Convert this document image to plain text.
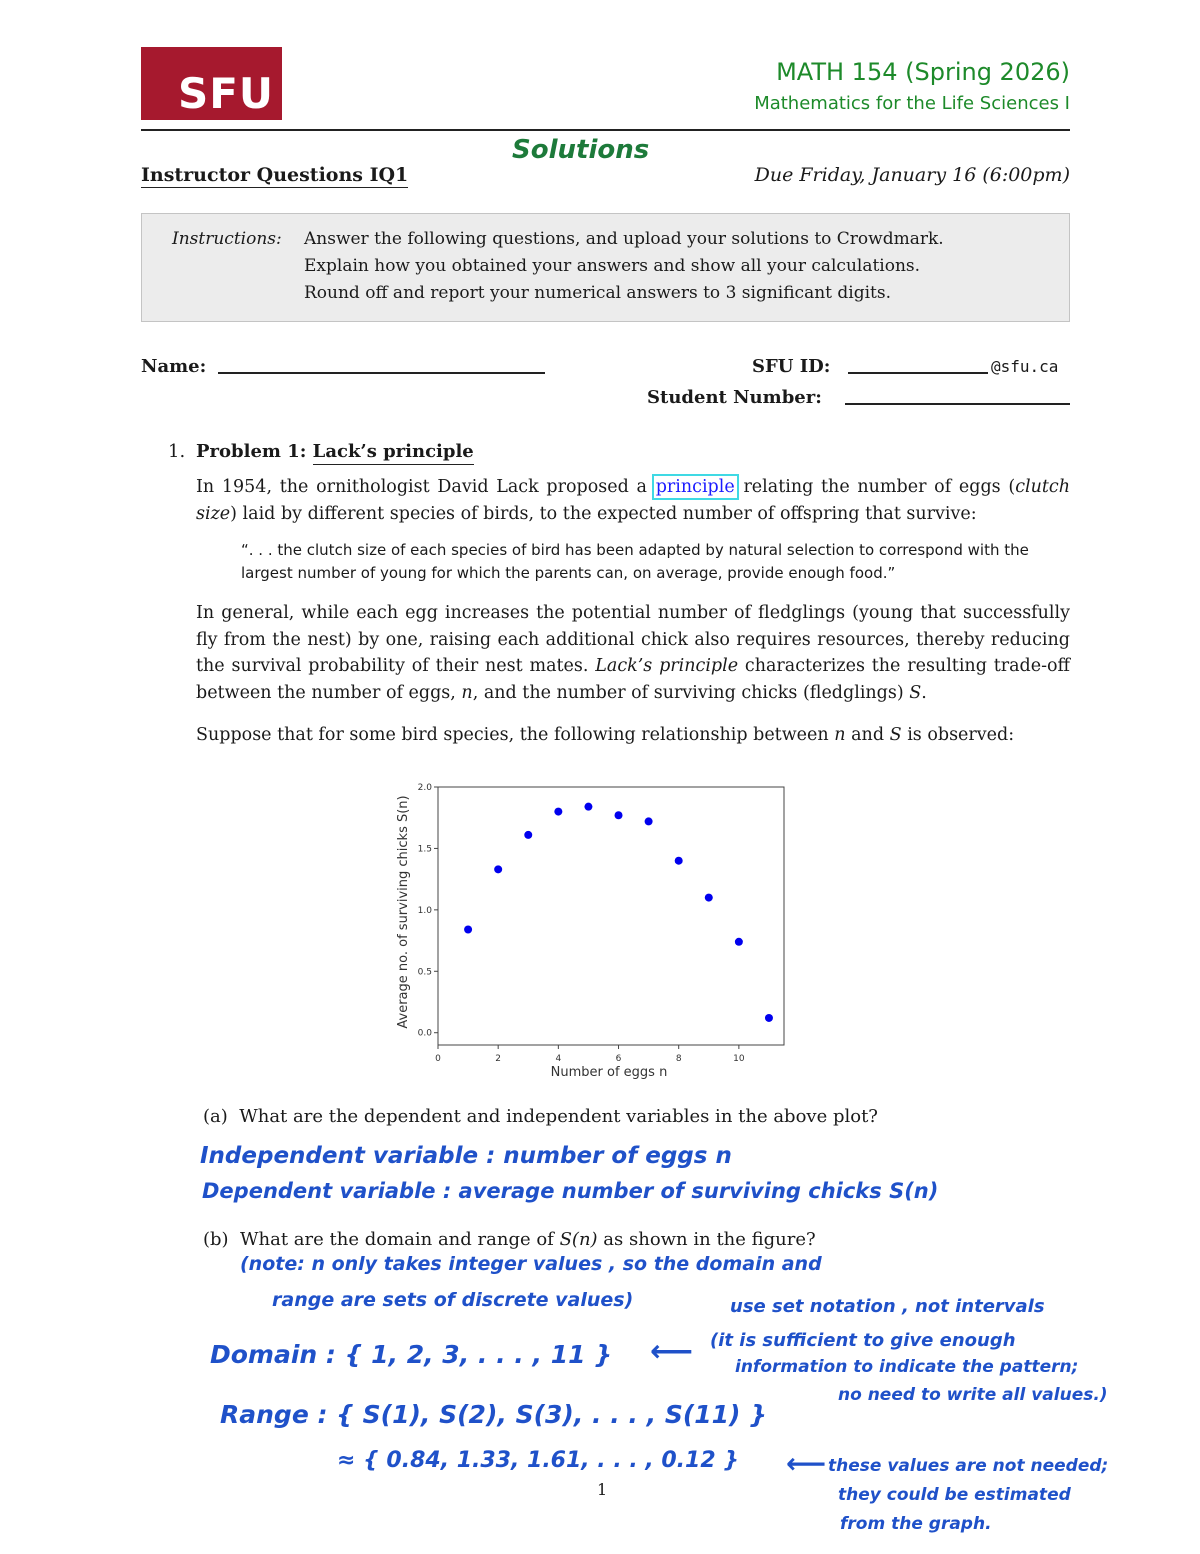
SFU	MATH 154 (Spring 2026)
Mathematics for the Life Sciences I
Solutions
Instructor Questions IQ1	Due Friday, January 16 (6:00pm)
Instructions: Answer the following questions, and upload your solutions to Crowdmark.
Explain how you obtained your answers and show all your calculations.
Round off and report your numerical answers to 3 significant digits.
Name:	SFU ID:	@sfu.ca
Student Number:
1. Problem 1: Lack’s principle
In 1954, the ornithologist David Lack proposed a principle relating the number of eggs (clutch size) laid by different species of birds, to the expected number of offspring that survive:
“. . . the clutch size of each species of bird has been adapted by natural selection to correspond with the largest number of young for which the parents can, on average, provide enough food.”
In general, while each egg increases the potential number of fledglings (young that successfully fly from the nest) by one, raising each additional chick also requires resources, thereby reducing the survival probability of their nest mates. Lack’s principle characterizes the resulting trade-off between the number of eggs, n, and the number of surviving chicks (fledglings) S.
Suppose that for some bird species, the following relationship between n and S is observed:
0	2	4	6	8	10
0.0
0.5
1.0
1.5
2.0
Number of eggs n
Average no. of surviving chicks S(n)
(a) What are the dependent and independent variables in the above plot?
Independent variable : number of eggs n
Dependent variable : average number of surviving chicks S(n)
(b) What are the domain and range of S(n) as shown in the figure?
(note: n only takes integer values , so the domain and
range are sets of discrete values)	use set notation , not intervals
(it is sufficient to give enough
information to indicate the pattern;
no need to write all values.)
Domain : { 1, 2, 3, . . . , 11 } ⟵
Range : { S(1), S(2), S(3), . . . , S(11) }
≈ { 0.84, 1.33, 1.61, . . . , 0.12 } ⟵ these values are not needed;
they could be estimated
from the graph.
1
